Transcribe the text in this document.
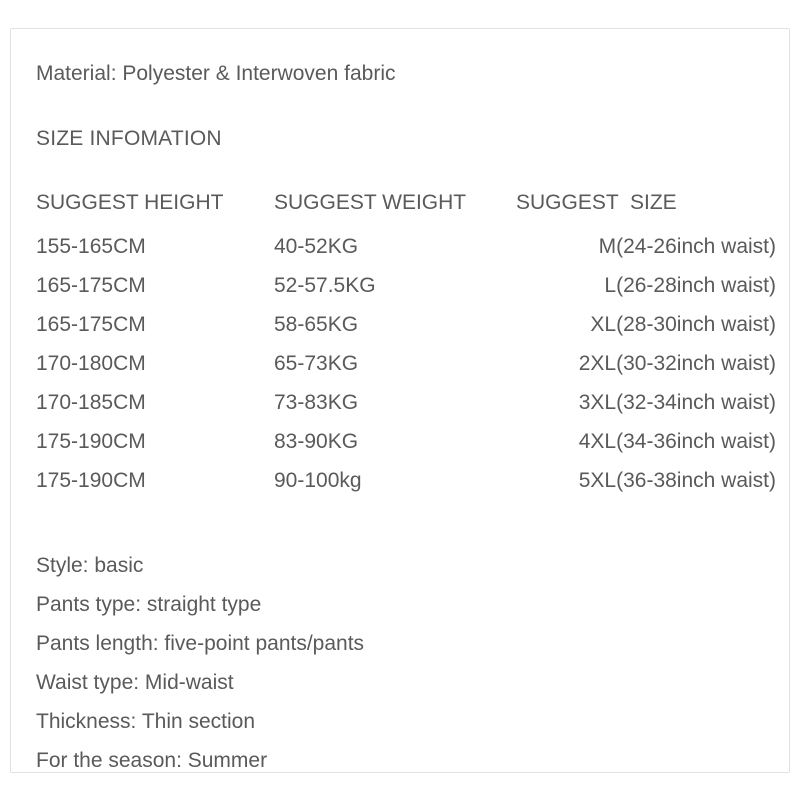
Material: Polyester & Interwoven fabric
SIZE INFOMATION
SUGGEST HEIGHT	SUGGEST WEIGHT	SUGGEST  SIZE
155-165CM	40-52KG	M(24-26inch waist)
165-175CM	52-57.5KG	L(26-28inch waist)
165-175CM	58-65KG	XL(28-30inch waist)
170-180CM	65-73KG	2XL(30-32inch waist)
170-185CM	73-83KG	3XL(32-34inch waist)
175-190CM	83-90KG	4XL(34-36inch waist)
175-190CM	90-100kg	5XL(36-38inch waist)
Style: basic
Pants type: straight type
Pants length: five-point pants/pants
Waist type: Mid-waist
Thickness: Thin section
For the season: Summer
